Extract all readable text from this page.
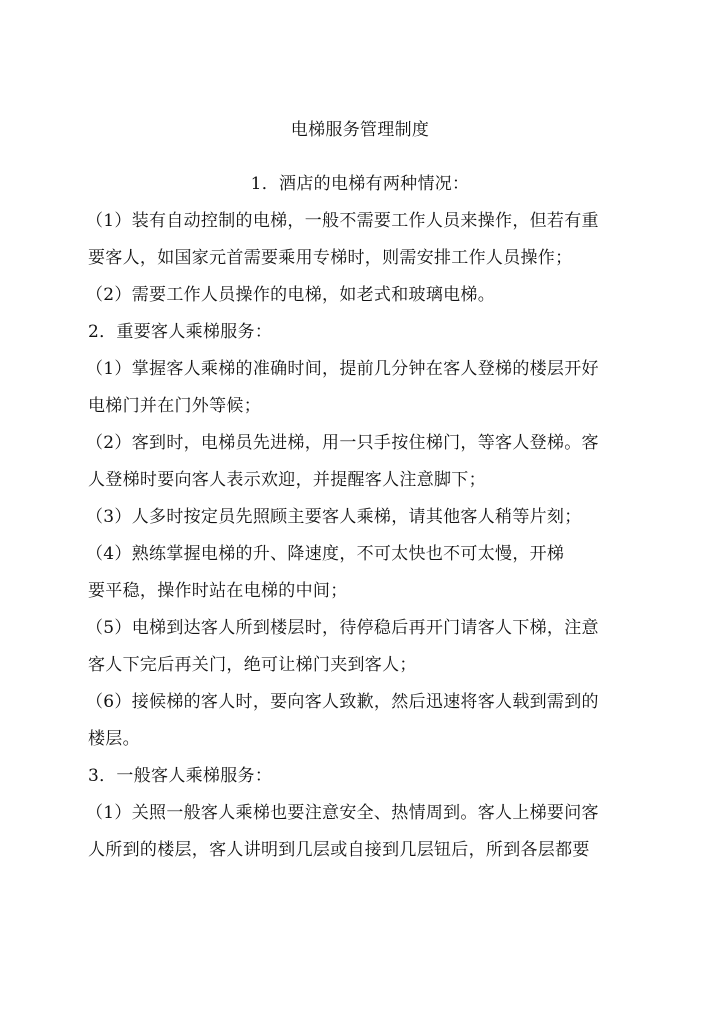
电梯服务管理制度
1．酒店的电梯有两种情况：
（1）装有自动控制的电梯，一般不需要工作人员来操作，但若有重
要客人，如国家元首需要乘用专梯时，则需安排工作人员操作；
（2）需要工作人员操作的电梯，如老式和玻璃电梯。
2．重要客人乘梯服务：
（1）掌握客人乘梯的准确时间，提前几分钟在客人登梯的楼层开好
电梯门并在门外等候；
（2）客到时，电梯员先进梯，用一只手按住梯门，等客人登梯。客
人登梯时要向客人表示欢迎，并提醒客人注意脚下；
（3）人多时按定员先照顾主要客人乘梯，请其他客人稍等片刻；
（4）熟练掌握电梯的升、降速度，不可太快也不可太慢，开梯
要平稳，操作时站在电梯的中间；
（5）电梯到达客人所到楼层时，待停稳后再开门请客人下梯，注意
客人下完后再关门，绝可让梯门夹到客人；
（6）接候梯的客人时，要向客人致歉，然后迅速将客人载到需到的
楼层。
3．一般客人乘梯服务：
（1）关照一般客人乘梯也要注意安全、热情周到。客人上梯要问客
人所到的楼层，客人讲明到几层或自接到几层钮后，所到各层都要
